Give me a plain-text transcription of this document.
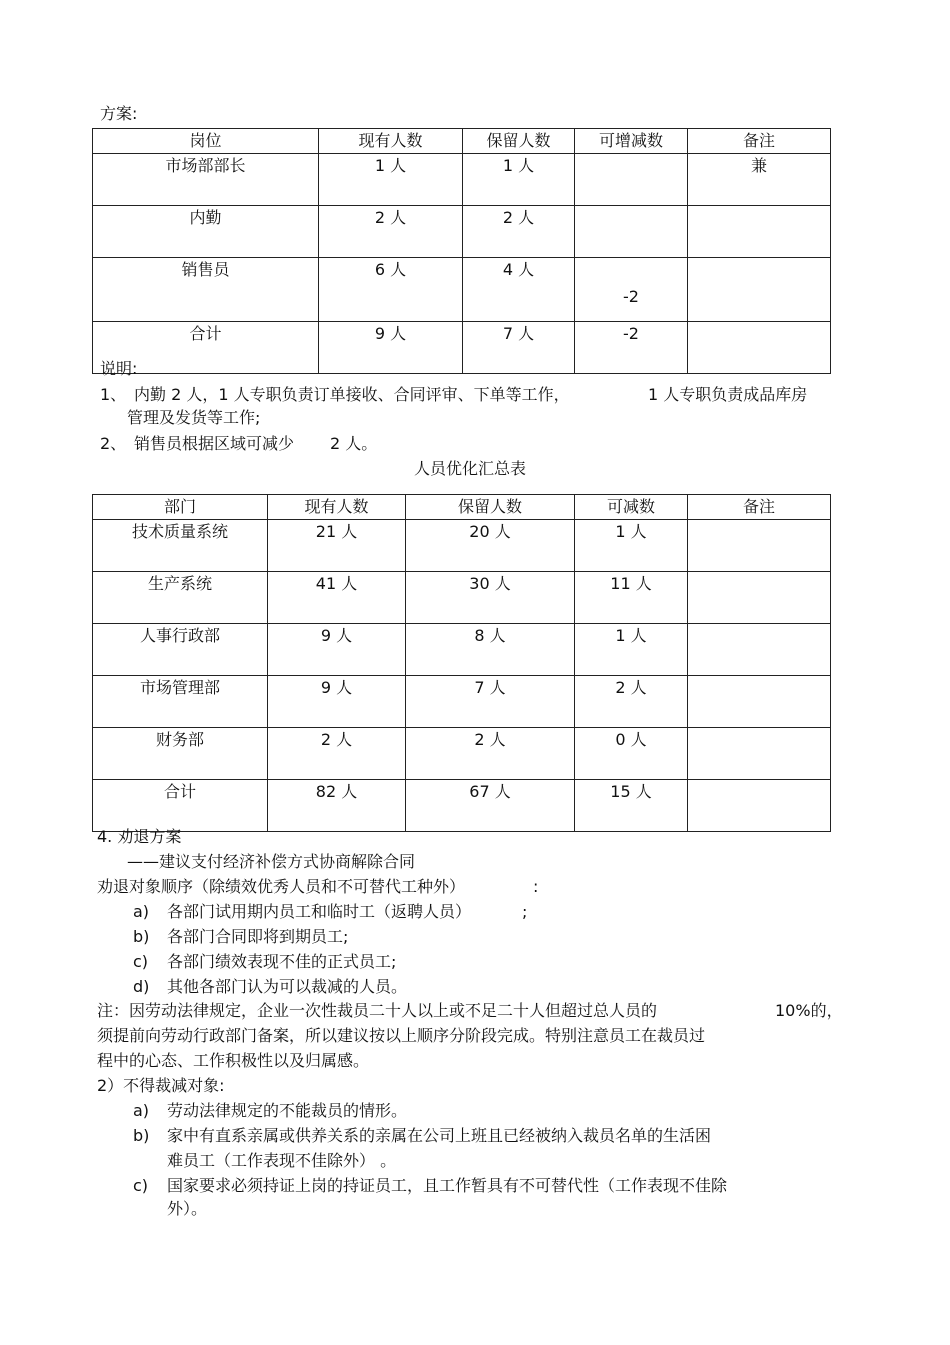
方案:
岗位	现有人数	保留人数	可增减数	备注
市场部部长	1 人	1 人		兼
内勤	2 人	2 人		
销售员	6 人	4 人	-2	
合计	9 人	7 人	-2	
说明:
1、 内勤 2 人，1 人专职负责订单接收、合同评审、下单等工作，	1 人专职负责成品库房
管理及发货等工作;
2、 销售员根据区域可减少 2 人。
人员优化汇总表
部门	现有人数	保留人数	可减数	备注
技术质量系统	21 人	20 人	1 人	
生产系统	41 人	30 人	11 人	
人事行政部	9 人	8 人	1 人	
市场管理部	9 人	7 人	2 人	
财务部	2 人	2 人	0 人	
合计	82 人	67 人	15 人	
4. 劝退方案
——建议支付经济补偿方式协商解除合同
劝退对象顺序（除绩效优秀人员和不可替代工种外）	:
a) 各部门试用期内员工和临时工（返聘人员）	;
b) 各部门合同即将到期员工;
c) 各部门绩效表现不佳的正式员工;
d) 其他各部门认为可以裁减的人员。
注：因劳动法律规定，企业一次性裁员二十人以上或不足二十人但超过总人员的	10%的，
须提前向劳动行政部门备案，所以建议按以上顺序分阶段完成。特别注意员工在裁员过
程中的心态、工作积极性以及归属感。
2）不得裁减对象:
a) 劳动法律规定的不能裁员的情形。
b) 家中有直系亲属或供养关系的亲属在公司上班且已经被纳入裁员名单的生活困
难员工（工作表现不佳除外） 。
c) 国家要求必须持证上岗的持证员工，且工作暂具有不可替代性（工作表现不佳除
外）。
